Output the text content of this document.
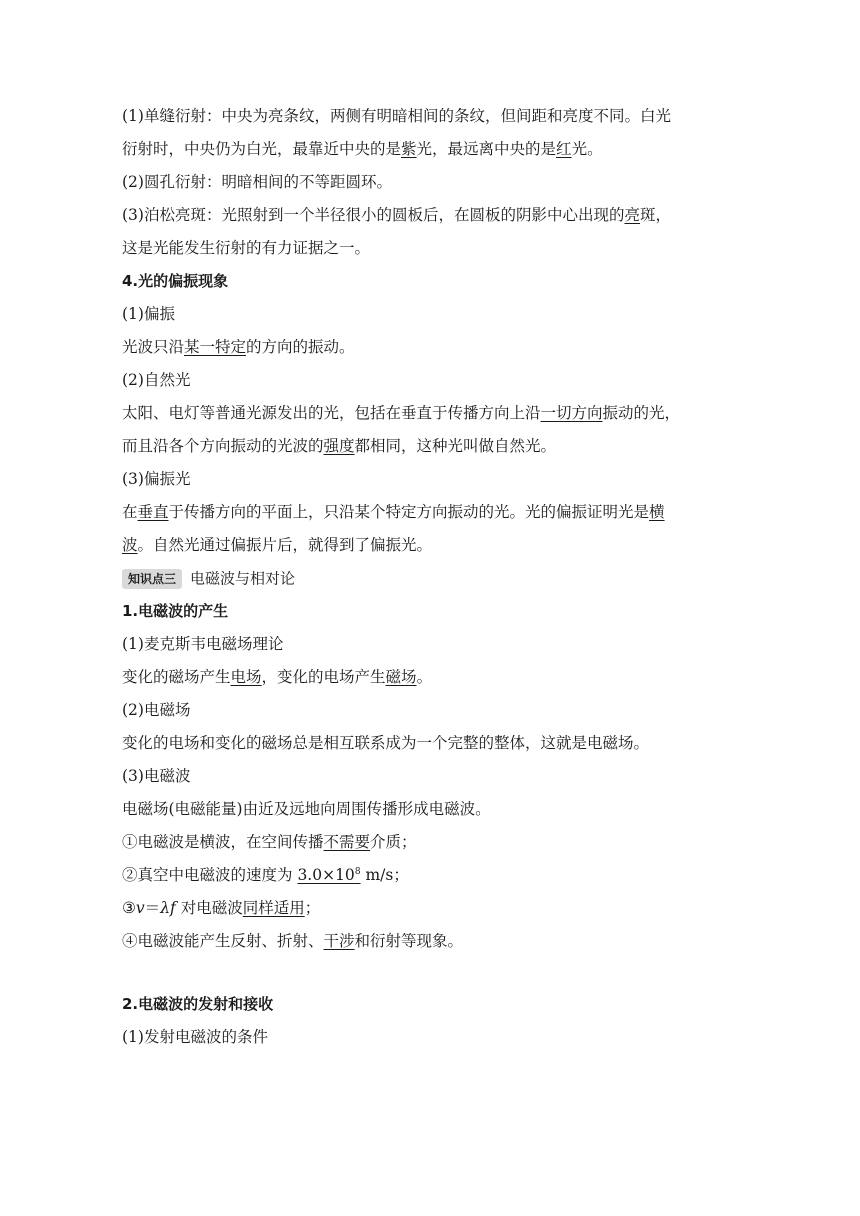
(1)单缝衍射：中央为亮条纹，两侧有明暗相间的条纹，但间距和亮度不同。白光
衍射时，中央仍为白光，最靠近中央的是紫光，最远离中央的是红光。
(2)圆孔衍射：明暗相间的不等距圆环。
(3)泊松亮斑：光照射到一个半径很小的圆板后，在圆板的阴影中心出现的亮斑，
这是光能发生衍射的有力证据之一。
4.光的偏振现象
(1)偏振
光波只沿某一特定的方向的振动。
(2)自然光
太阳、电灯等普通光源发出的光，包括在垂直于传播方向上沿一切方向振动的光，
而且沿各个方向振动的光波的强度都相同，这种光叫做自然光。
(3)偏振光
在垂直于传播方向的平面上，只沿某个特定方向振动的光。光的偏振证明光是横
波。自然光通过偏振片后，就得到了偏振光。
知识点三 电磁波与相对论
1.电磁波的产生
(1)麦克斯韦电磁场理论
变化的磁场产生电场，变化的电场产生磁场。
(2)电磁场
变化的电场和变化的磁场总是相互联系成为一个完整的整体，这就是电磁场。
(3)电磁波
电磁场(电磁能量)由近及远地向周围传播形成电磁波。
①电磁波是横波，在空间传播不需要介质；
②真空中电磁波的速度为 $3.0\times 10^8$ m/s；
③v＝λf 对电磁波同样适用；
④电磁波能产生反射、折射、干涉和衍射等现象。
2.电磁波的发射和接收
(1)发射电磁波的条件
